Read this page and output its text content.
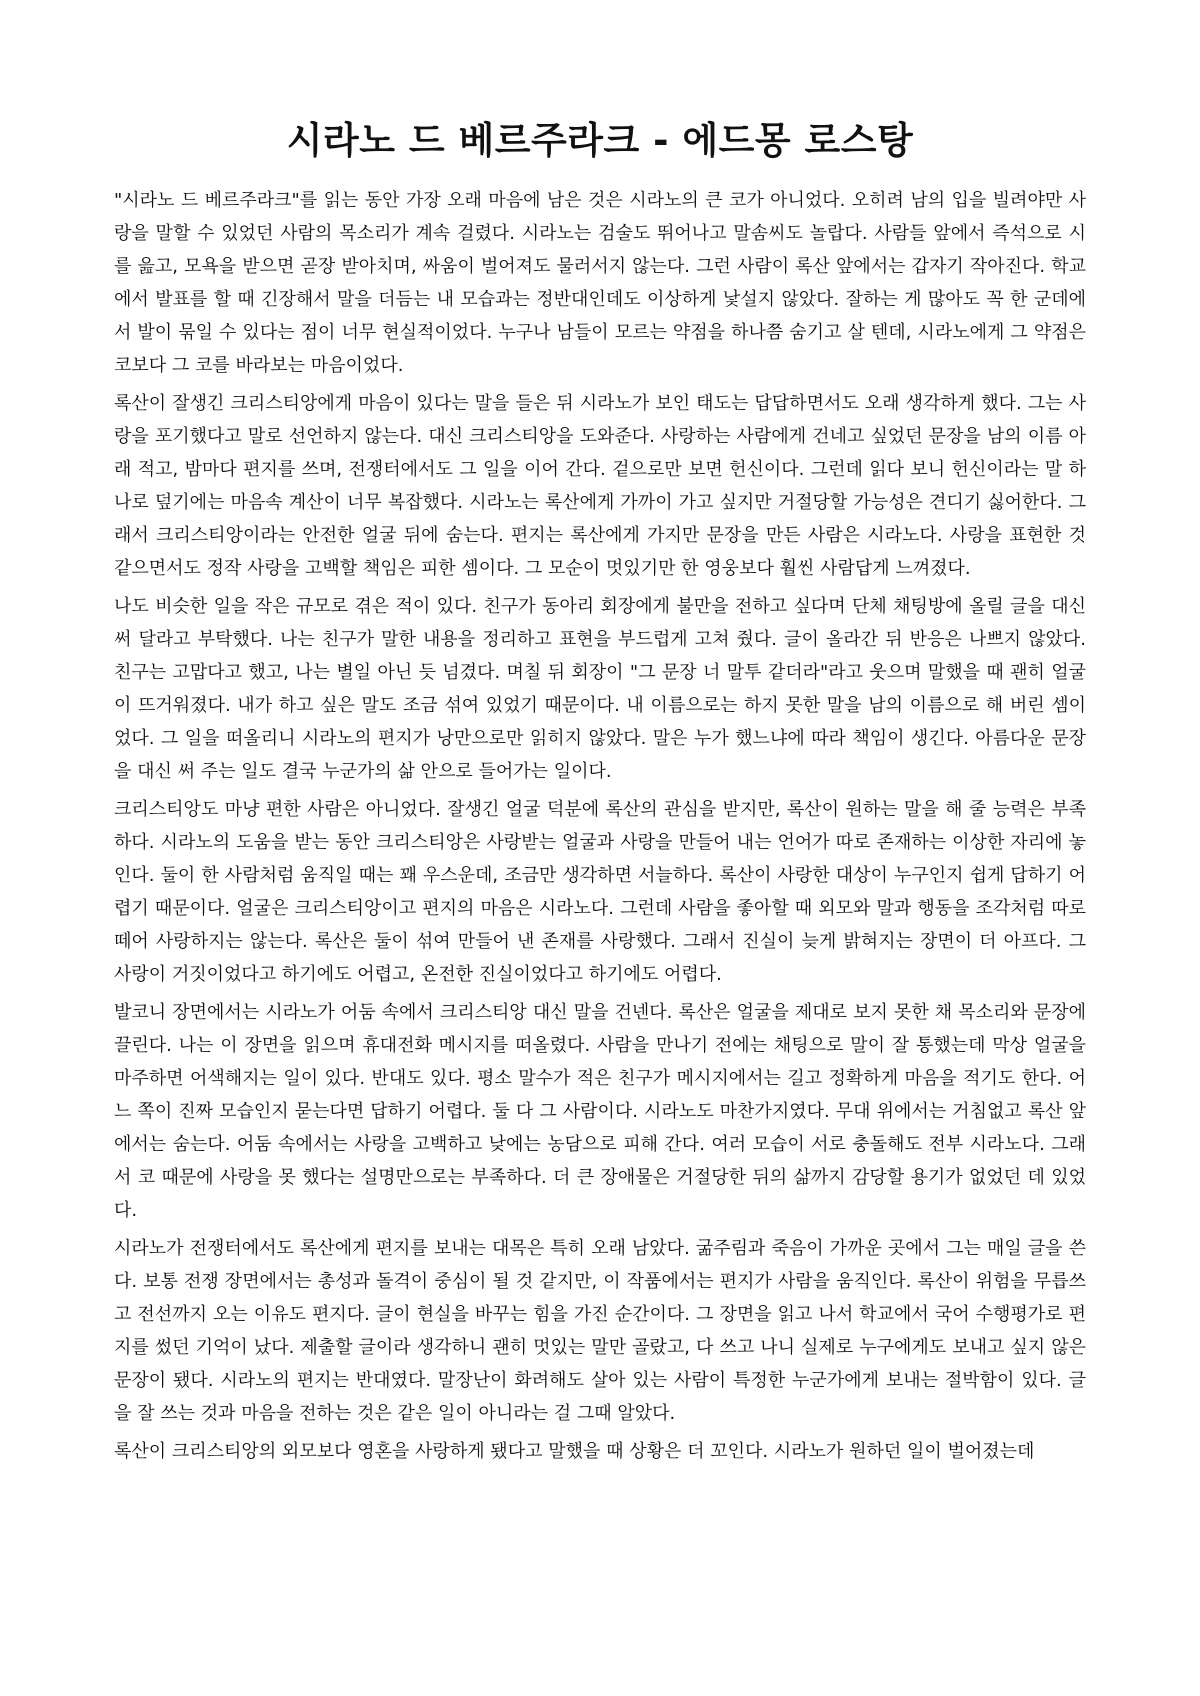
시라노 드 베르주라크 - 에드몽 로스탕

"시라노 드 베르주라크"를 읽는 동안 가장 오래 마음에 남은 것은 시라노의 큰 코가 아니었다. 오히려 남의 입을 빌려야만 사랑을 말할 수 있었던 사람의 목소리가 계속 걸렸다. 시라노는 검술도 뛰어나고 말솜씨도 놀랍다. 사람들 앞에서 즉석으로 시를 읊고, 모욕을 받으면 곧장 받아치며, 싸움이 벌어져도 물러서지 않는다. 그런 사람이 록산 앞에서는 갑자기 작아진다. 학교에서 발표를 할 때 긴장해서 말을 더듬는 내 모습과는 정반대인데도 이상하게 낯설지 않았다. 잘하는 게 많아도 꼭 한 군데에서 발이 묶일 수 있다는 점이 너무 현실적이었다. 누구나 남들이 모르는 약점을 하나쯤 숨기고 살 텐데, 시라노에게 그 약점은 코보다 그 코를 바라보는 마음이었다.

록산이 잘생긴 크리스티앙에게 마음이 있다는 말을 들은 뒤 시라노가 보인 태도는 답답하면서도 오래 생각하게 했다. 그는 사랑을 포기했다고 말로 선언하지 않는다. 대신 크리스티앙을 도와준다. 사랑하는 사람에게 건네고 싶었던 문장을 남의 이름 아래 적고, 밤마다 편지를 쓰며, 전쟁터에서도 그 일을 이어 간다. 겉으로만 보면 헌신이다. 그런데 읽다 보니 헌신이라는 말 하나로 덮기에는 마음속 계산이 너무 복잡했다. 시라노는 록산에게 가까이 가고 싶지만 거절당할 가능성은 견디기 싫어한다. 그래서 크리스티앙이라는 안전한 얼굴 뒤에 숨는다. 편지는 록산에게 가지만 문장을 만든 사람은 시라노다. 사랑을 표현한 것 같으면서도 정작 사랑을 고백할 책임은 피한 셈이다. 그 모순이 멋있기만 한 영웅보다 훨씬 사람답게 느껴졌다.

나도 비슷한 일을 작은 규모로 겪은 적이 있다. 친구가 동아리 회장에게 불만을 전하고 싶다며 단체 채팅방에 올릴 글을 대신 써 달라고 부탁했다. 나는 친구가 말한 내용을 정리하고 표현을 부드럽게 고쳐 줬다. 글이 올라간 뒤 반응은 나쁘지 않았다. 친구는 고맙다고 했고, 나는 별일 아닌 듯 넘겼다. 며칠 뒤 회장이 "그 문장 너 말투 같더라"라고 웃으며 말했을 때 괜히 얼굴이 뜨거워졌다. 내가 하고 싶은 말도 조금 섞여 있었기 때문이다. 내 이름으로는 하지 못한 말을 남의 이름으로 해 버린 셈이었다. 그 일을 떠올리니 시라노의 편지가 낭만으로만 읽히지 않았다. 말은 누가 했느냐에 따라 책임이 생긴다. 아름다운 문장을 대신 써 주는 일도 결국 누군가의 삶 안으로 들어가는 일이다.

크리스티앙도 마냥 편한 사람은 아니었다. 잘생긴 얼굴 덕분에 록산의 관심을 받지만, 록산이 원하는 말을 해 줄 능력은 부족하다. 시라노의 도움을 받는 동안 크리스티앙은 사랑받는 얼굴과 사랑을 만들어 내는 언어가 따로 존재하는 이상한 자리에 놓인다. 둘이 한 사람처럼 움직일 때는 꽤 우스운데, 조금만 생각하면 서늘하다. 록산이 사랑한 대상이 누구인지 쉽게 답하기 어렵기 때문이다. 얼굴은 크리스티앙이고 편지의 마음은 시라노다. 그런데 사람을 좋아할 때 외모와 말과 행동을 조각처럼 따로 떼어 사랑하지는 않는다. 록산은 둘이 섞여 만들어 낸 존재를 사랑했다. 그래서 진실이 늦게 밝혀지는 장면이 더 아프다. 그 사랑이 거짓이었다고 하기에도 어렵고, 온전한 진실이었다고 하기에도 어렵다.

발코니 장면에서는 시라노가 어둠 속에서 크리스티앙 대신 말을 건넨다. 록산은 얼굴을 제대로 보지 못한 채 목소리와 문장에 끌린다. 나는 이 장면을 읽으며 휴대전화 메시지를 떠올렸다. 사람을 만나기 전에는 채팅으로 말이 잘 통했는데 막상 얼굴을 마주하면 어색해지는 일이 있다. 반대도 있다. 평소 말수가 적은 친구가 메시지에서는 길고 정확하게 마음을 적기도 한다. 어느 쪽이 진짜 모습인지 묻는다면 답하기 어렵다. 둘 다 그 사람이다. 시라노도 마찬가지였다. 무대 위에서는 거침없고 록산 앞에서는 숨는다. 어둠 속에서는 사랑을 고백하고 낮에는 농담으로 피해 간다. 여러 모습이 서로 충돌해도 전부 시라노다. 그래서 코 때문에 사랑을 못 했다는 설명만으로는 부족하다. 더 큰 장애물은 거절당한 뒤의 삶까지 감당할 용기가 없었던 데 있었다.

시라노가 전쟁터에서도 록산에게 편지를 보내는 대목은 특히 오래 남았다. 굶주림과 죽음이 가까운 곳에서 그는 매일 글을 쓴다. 보통 전쟁 장면에서는 총성과 돌격이 중심이 될 것 같지만, 이 작품에서는 편지가 사람을 움직인다. 록산이 위험을 무릅쓰고 전선까지 오는 이유도 편지다. 글이 현실을 바꾸는 힘을 가진 순간이다. 그 장면을 읽고 나서 학교에서 국어 수행평가로 편지를 썼던 기억이 났다. 제출할 글이라 생각하니 괜히 멋있는 말만 골랐고, 다 쓰고 나니 실제로 누구에게도 보내고 싶지 않은 문장이 됐다. 시라노의 편지는 반대였다. 말장난이 화려해도 살아 있는 사람이 특정한 누군가에게 보내는 절박함이 있다. 글을 잘 쓰는 것과 마음을 전하는 것은 같은 일이 아니라는 걸 그때 알았다.

록산이 크리스티앙의 외모보다 영혼을 사랑하게 됐다고 말했을 때 상황은 더 꼬인다. 시라노가 원하던 일이 벌어졌는데
